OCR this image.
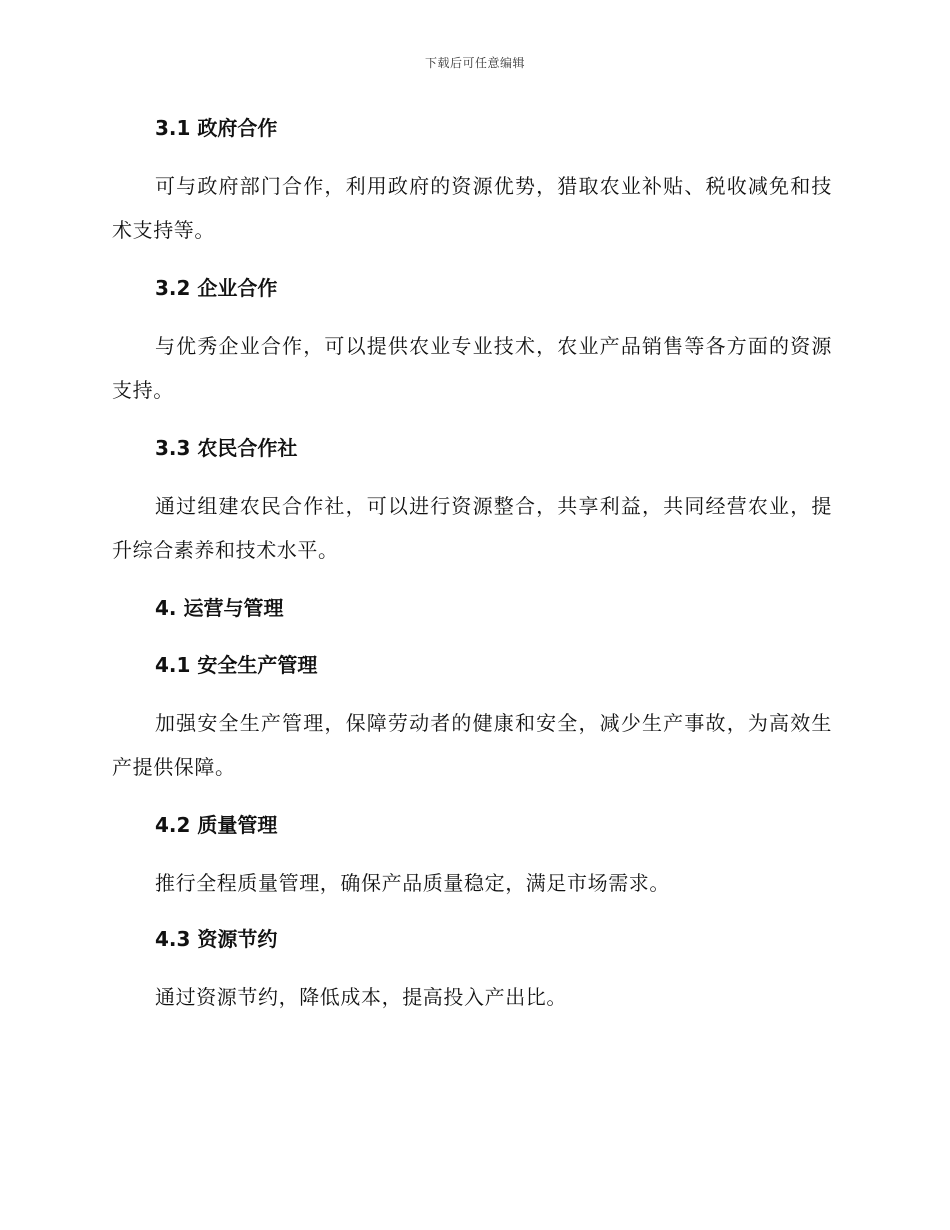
下载后可任意编辑
3.1 政府合作
可与政府部门合作，利用政府的资源优势，猎取农业补贴、税收减免和技术支持等。
3.2 企业合作
与优秀企业合作，可以提供农业专业技术，农业产品销售等各方面的资源支持。
3.3 农民合作社
通过组建农民合作社，可以进行资源整合，共享利益，共同经营农业，提升综合素养和技术水平。
4. 运营与管理
4.1 安全生产管理
加强安全生产管理，保障劳动者的健康和安全，减少生产事故，为高效生产提供保障。
4.2 质量管理
推行全程质量管理，确保产品质量稳定，满足市场需求。
4.3 资源节约
通过资源节约，降低成本，提高投入产出比。
